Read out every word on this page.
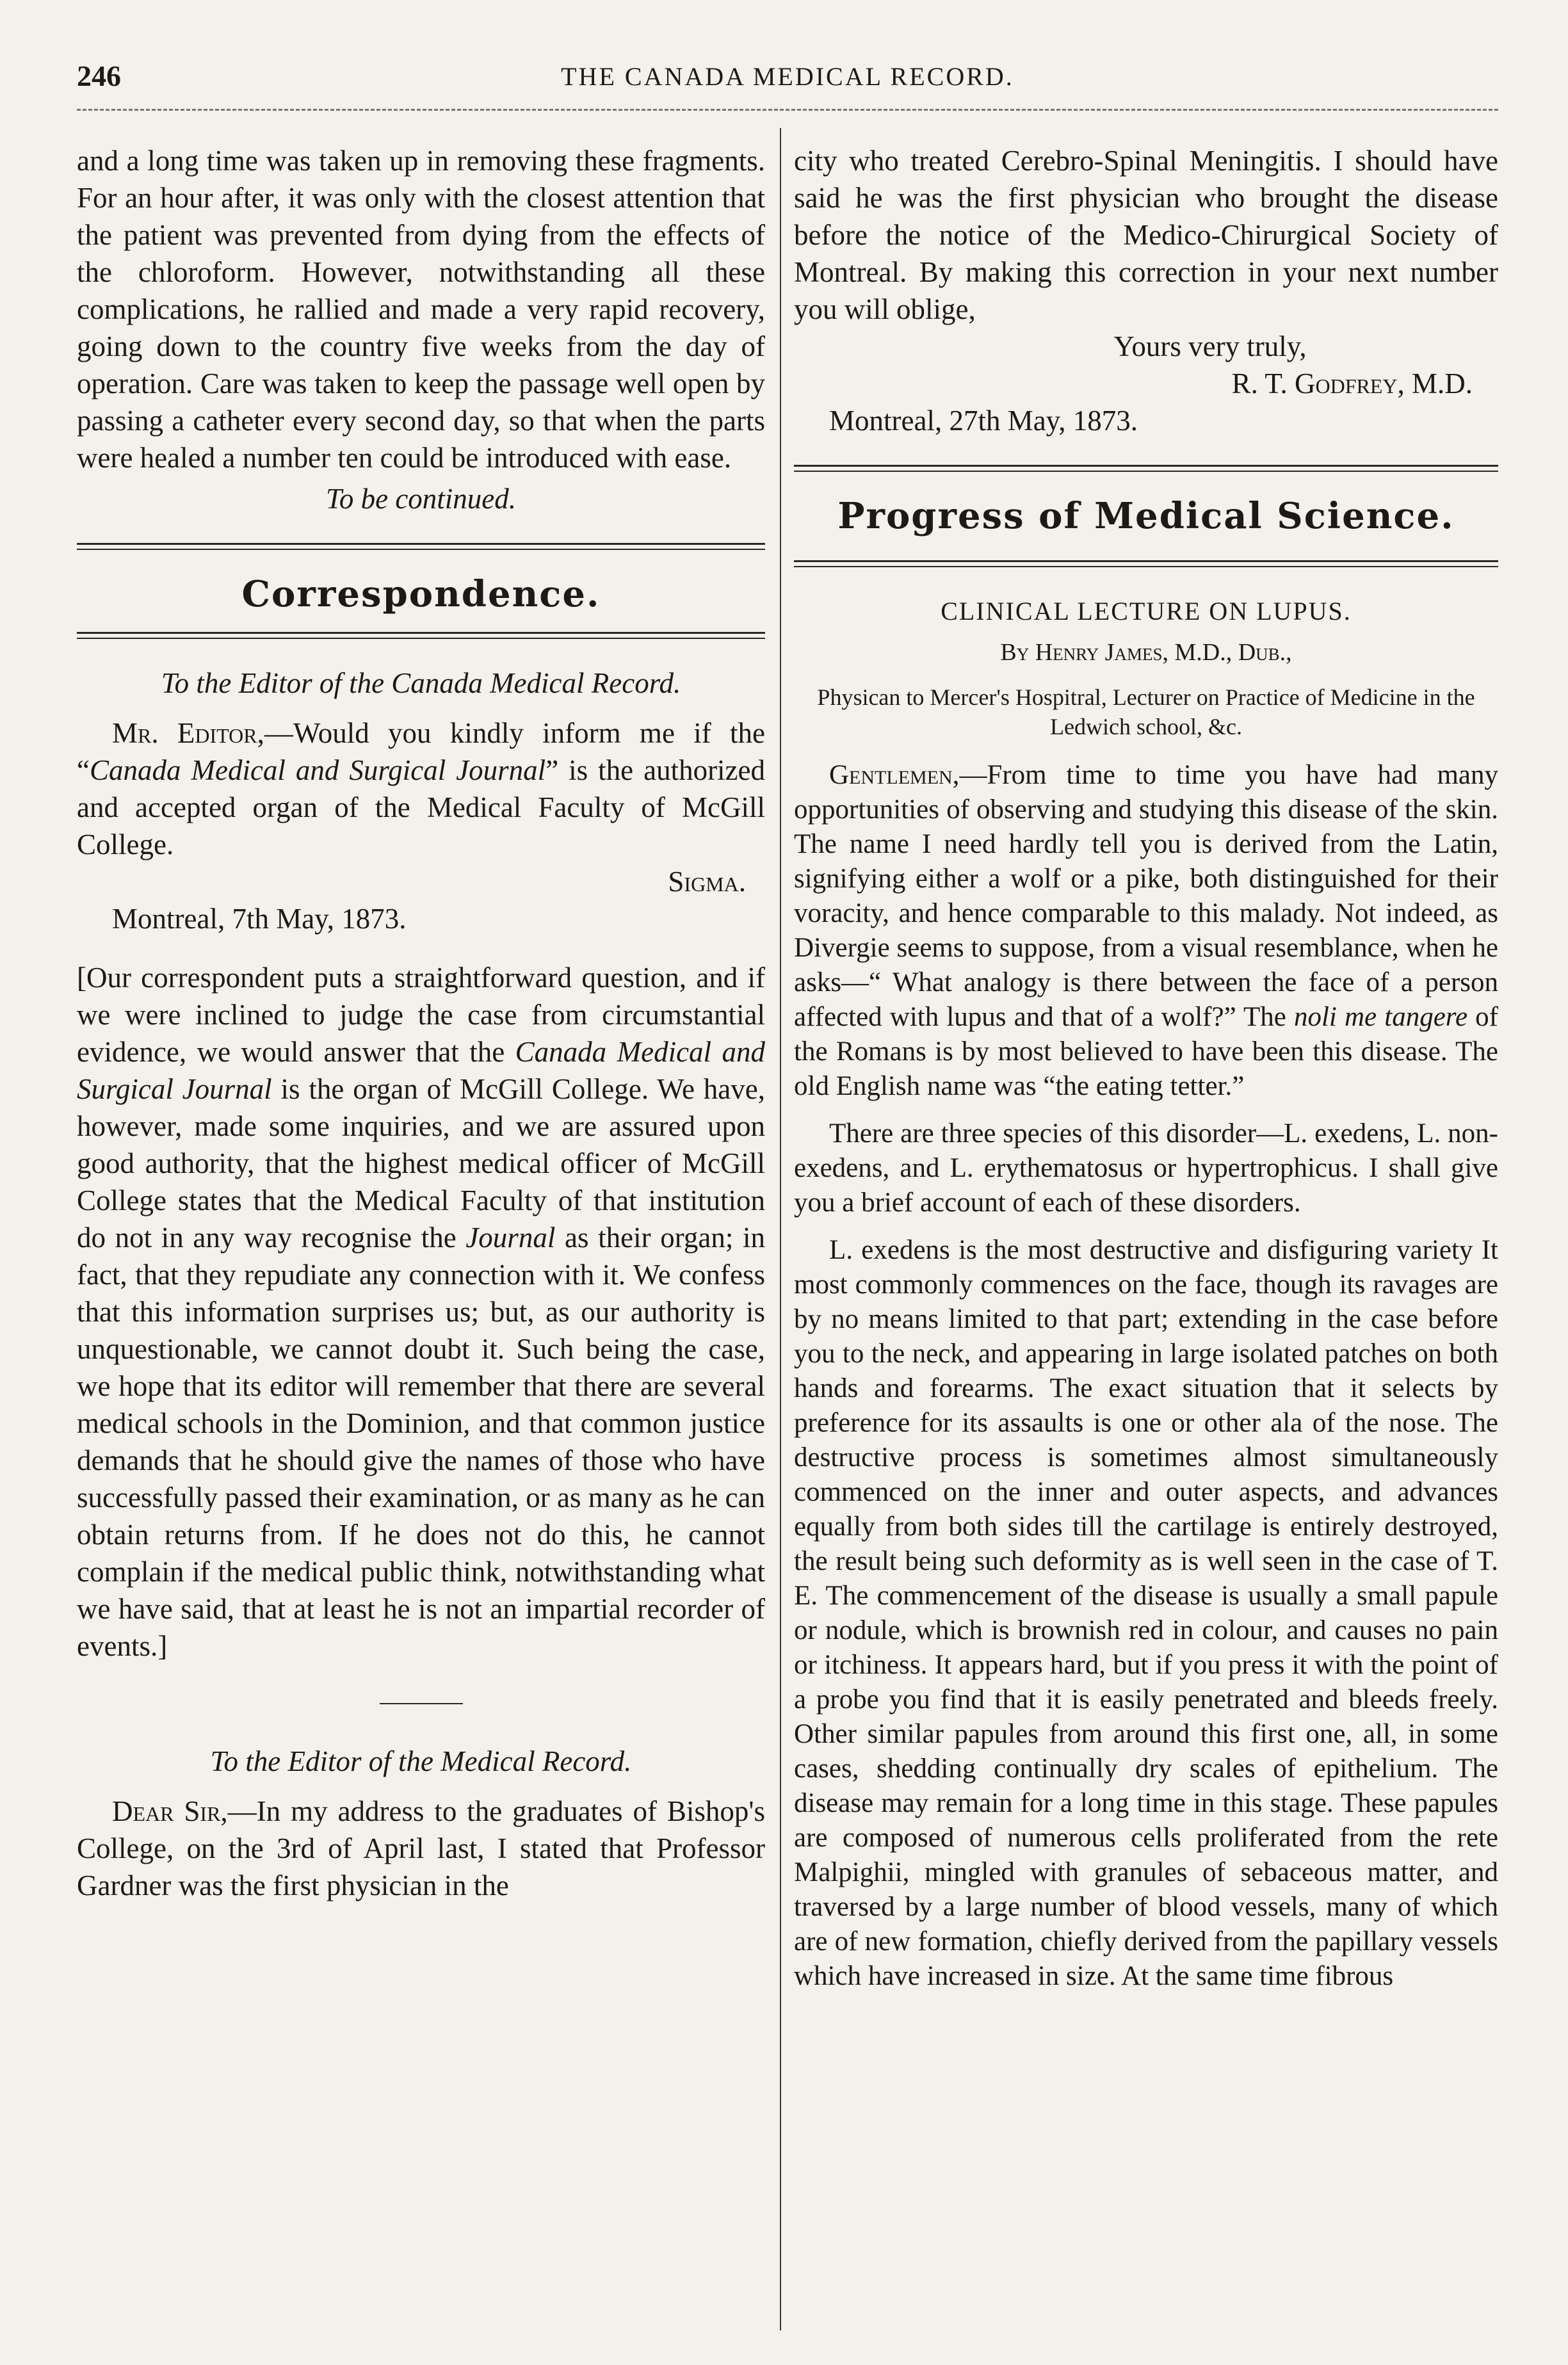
246	THE CANADA MEDICAL RECORD.

and a long time was taken up in removing these fragments. For an hour after, it was only with the closest attention that the patient was prevented from dying from the effects of the chloroform. However, notwithstanding all these complications, he rallied and made a very rapid recovery, going down to the country five weeks from the day of operation. Care was taken to keep the passage well open by passing a catheter every second day, so that when the parts were healed a number ten could be introduced with ease.

To be continued.

Correspondence.

To the Editor of the Canada Medical Record.

Mr. Editor,—Would you kindly inform me if the “Canada Medical and Surgical Journal” is the authorized and accepted organ of the Medical Faculty of McGill College.

Sigma.

Montreal, 7th May, 1873.

[Our correspondent puts a straightforward question, and if we were inclined to judge the case from circumstantial evidence, we would answer that the Canada Medical and Surgical Journal is the organ of McGill College. We have, however, made some inquiries, and we are assured upon good authority, that the highest medical officer of McGill College states that the Medical Faculty of that institution do not in any way recognise the Journal as their organ; in fact, that they repudiate any connection with it. We confess that this information surprises us; but, as our authority is unquestionable, we cannot doubt it. Such being the case, we hope that its editor will remember that there are several medical schools in the Dominion, and that common justice demands that he should give the names of those who have successfully passed their examination, or as many as he can obtain returns from. If he does not do this, he cannot complain if the medical public think, notwithstanding what we have said, that at least he is not an impartial recorder of events.]

To the Editor of the Medical Record.

Dear Sir,—In my address to the graduates of Bishop's College, on the 3rd of April last, I stated that Professor Gardner was the first physician in the

city who treated Cerebro-Spinal Meningitis. I should have said he was the first physician who brought the disease before the notice of the Medico-Chirurgical Society of Montreal. By making this correction in your next number you will oblige,

Yours very truly,

R. T. Godfrey, M.D.

Montreal, 27th May, 1873.

Progress of Medical Science.
CLINICAL LECTURE ON LUPUS.
By Henry James, M.D., Dub.,
Physican to Mercer's Hospitral, Lecturer on Practice of Medicine in the Ledwich school, &c.

Gentlemen,—From time to time you have had many opportunities of observing and studying this disease of the skin. The name I need hardly tell you is derived from the Latin, signifying either a wolf or a pike, both distinguished for their voracity, and hence comparable to this malady. Not indeed, as Divergie seems to suppose, from a visual resemblance, when he asks—“ What analogy is there between the face of a person affected with lupus and that of a wolf?” The noli me tangere of the Romans is by most believed to have been this disease. The old English name was “the eating tetter.”

There are three species of this disorder—L. exedens, L. non-exedens, and L. erythematosus or hypertrophicus. I shall give you a brief account of each of these disorders.

L. exedens is the most destructive and disfiguring variety It most commonly commences on the face, though its ravages are by no means limited to that part; extending in the case before you to the neck, and appearing in large isolated patches on both hands and forearms. The exact situation that it selects by preference for its assaults is one or other ala of the nose. The destructive process is sometimes almost simultaneously commenced on the inner and outer aspects, and advances equally from both sides till the cartilage is entirely destroyed, the result being such deformity as is well seen in the case of T. E. The commencement of the disease is usually a small papule or nodule, which is brownish red in colour, and causes no pain or itchiness. It appears hard, but if you press it with the point of a probe you find that it is easily penetrated and bleeds freely. Other similar papules from around this first one, all, in some cases, shedding continually dry scales of epithelium. The disease may remain for a long time in this stage. These papules are composed of numerous cells proliferated from the rete Malpighii, mingled with granules of sebaceous matter, and traversed by a large number of blood vessels, many of which are of new formation, chiefly derived from the papillary vessels which have increased in size. At the same time fibrous
